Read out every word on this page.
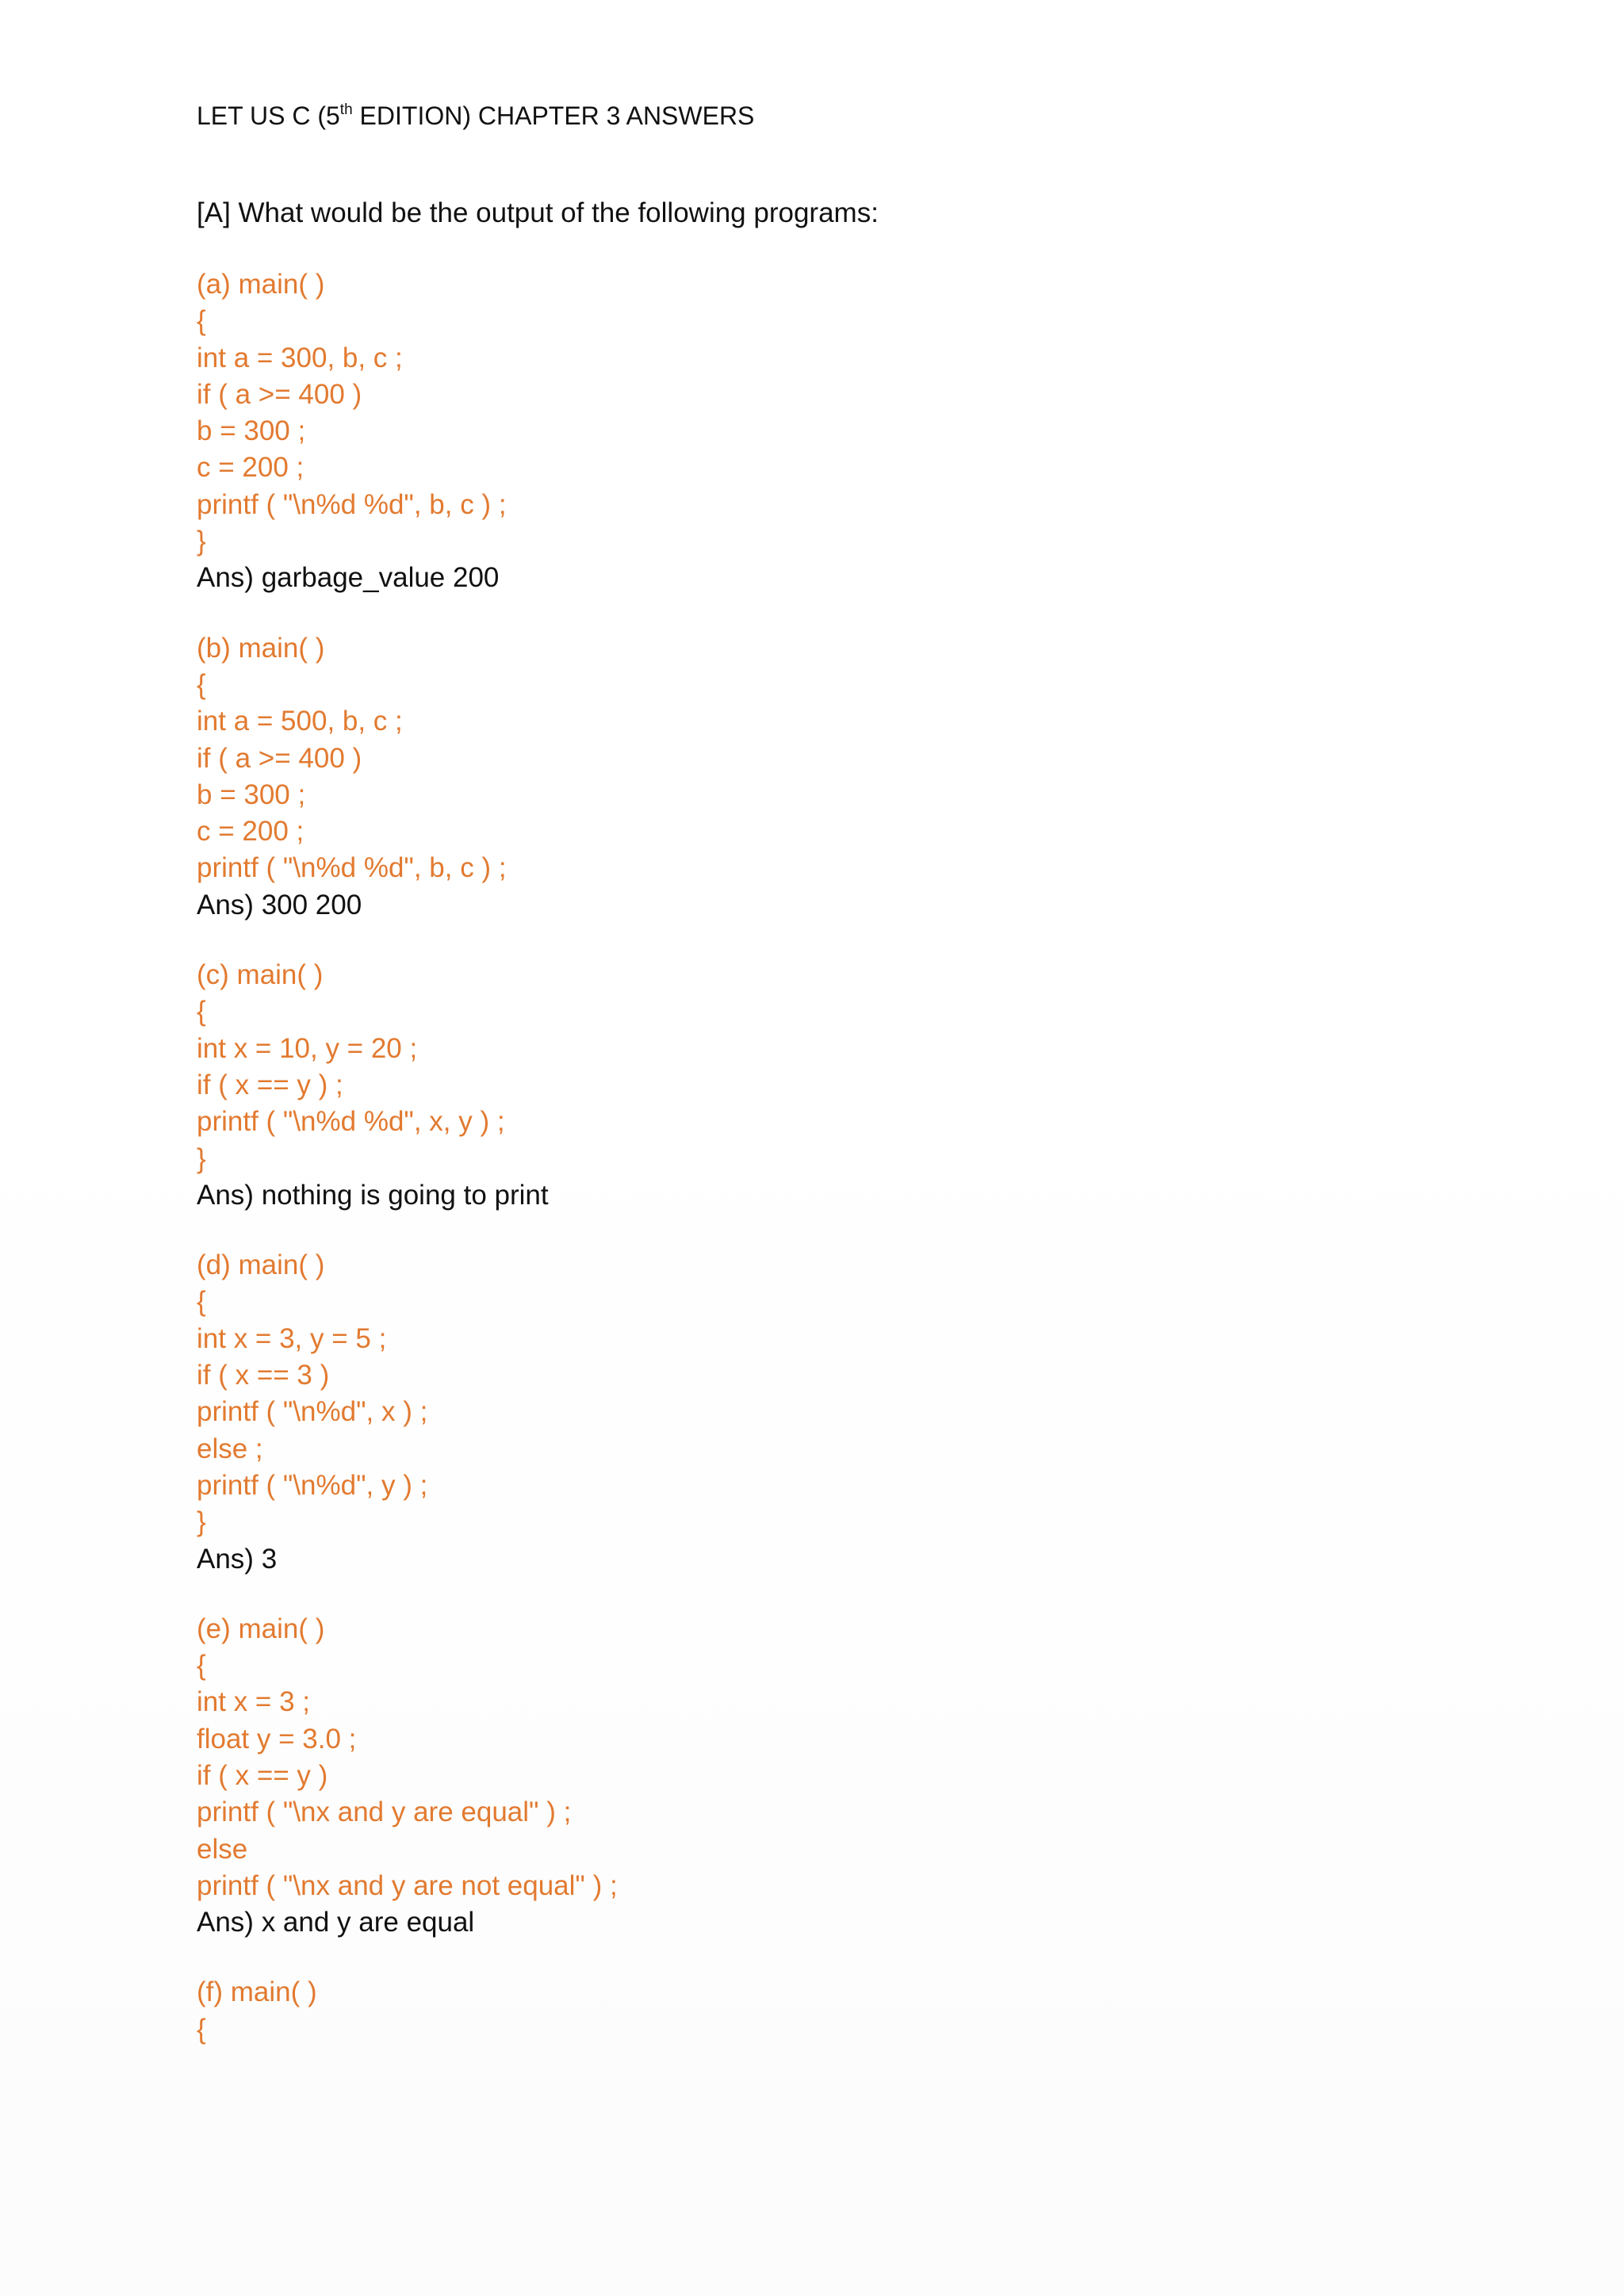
LET US C (5th EDITION) CHAPTER 3 ANSWERS
[A] What would be the output of the following programs:
(a) main( )
{
int a = 300, b, c ;
if ( a >= 400 )
b = 300 ;
c = 200 ;
printf ( "\n%d %d", b, c ) ;
}
Ans) garbage_value 200
(b) main( )
{
int a = 500, b, c ;
if ( a >= 400 )
b = 300 ;
c = 200 ;
printf ( "\n%d %d", b, c ) ;
Ans) 300 200
(c) main( )
{
int x = 10, y = 20 ;
if ( x == y ) ;
printf ( "\n%d %d", x, y ) ;
}
Ans) nothing is going to print
(d) main( )
{
int x = 3, y = 5 ;
if ( x == 3 )
printf ( "\n%d", x ) ;
else ;
printf ( "\n%d", y ) ;
}
Ans) 3
(e) main( )
{
int x = 3 ;
float y = 3.0 ;
if ( x == y )
printf ( "\nx and y are equal" ) ;
else
printf ( "\nx and y are not equal" ) ;
Ans) x and y are equal
(f) main( )
{
